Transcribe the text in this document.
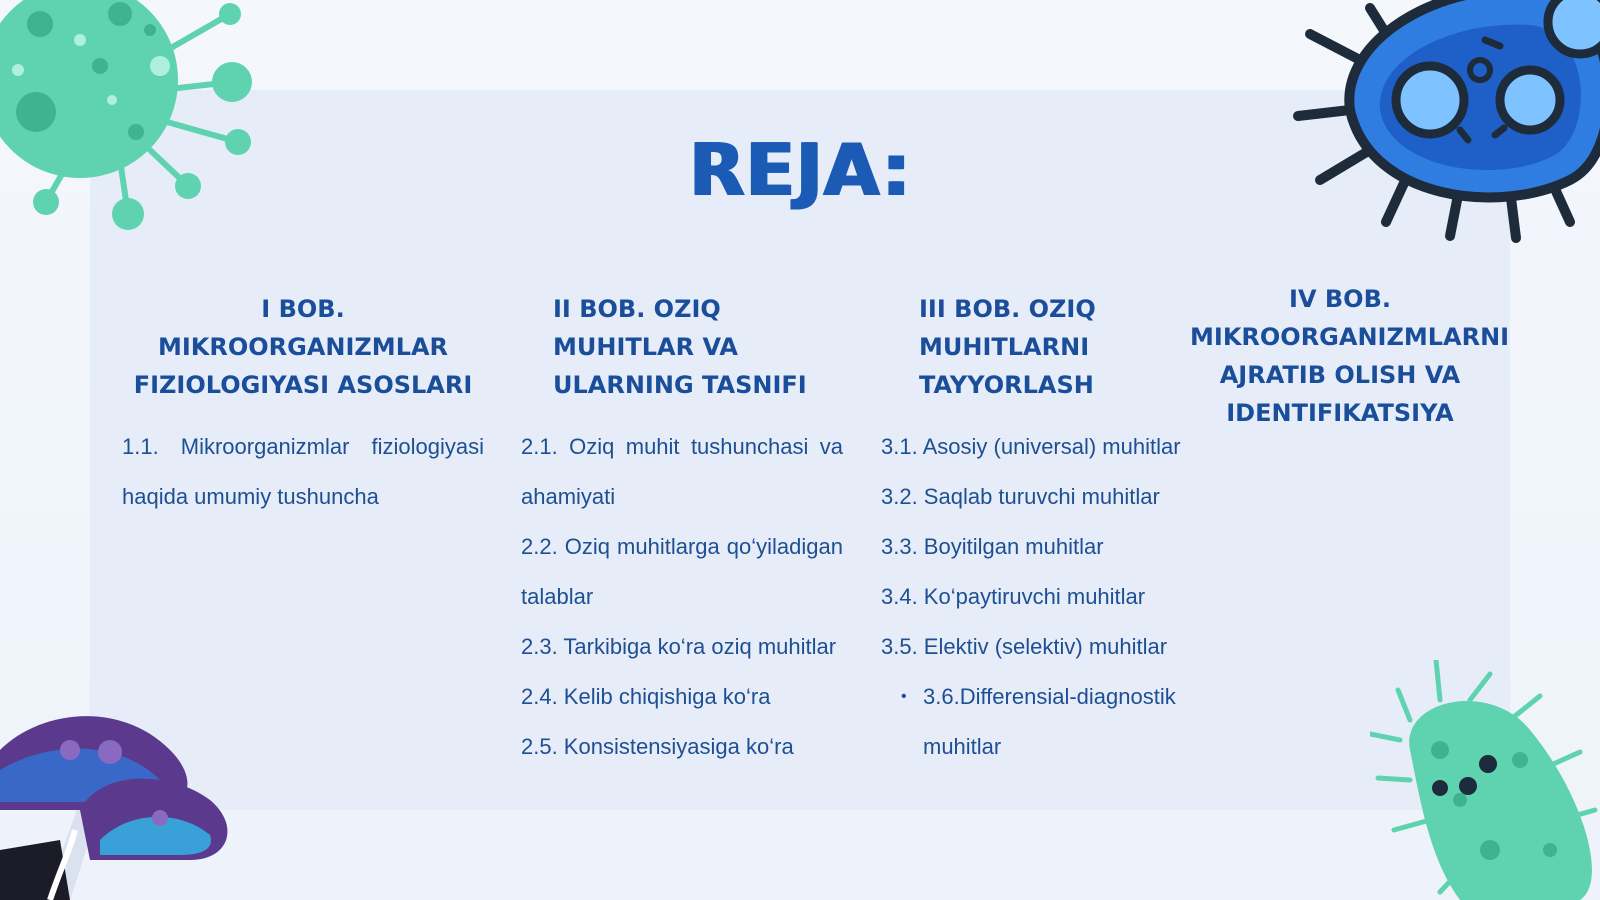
REJA:
I BOB.
MIKROORGANIZMLAR
FIZIOLOGIYASI ASOSLARI
1.1. Mikroorganizmlar fiziologiyasi haqida umumiy tushuncha
II BOB. OZIQ
MUHITLAR VA
ULARNING TASNIFI
2.1. Oziq muhit tushunchasi va ahamiyati
2.2. Oziq muhitlarga qo‘yiladigan talablar
2.3. Tarkibiga ko‘ra oziq muhitlar
2.4. Kelib chiqishiga ko‘ra
2.5. Konsistensiyasiga ko‘ra
III BOB. OZIQ
MUHITLARNI
TAYYORLASH
3.1. Asosiy (universal) muhitlar
3.2. Saqlab turuvchi muhitlar
3.3. Boyitilgan muhitlar
3.4. Ko‘paytiruvchi muhitlar
3.5. Elektiv (selektiv) muhitlar
• 3.6.Differensial-diagnostik muhitlar
IV BOB.
MIKROORGANIZMLARNI
AJRATIB OLISH VA
IDENTIFIKATSIYA
